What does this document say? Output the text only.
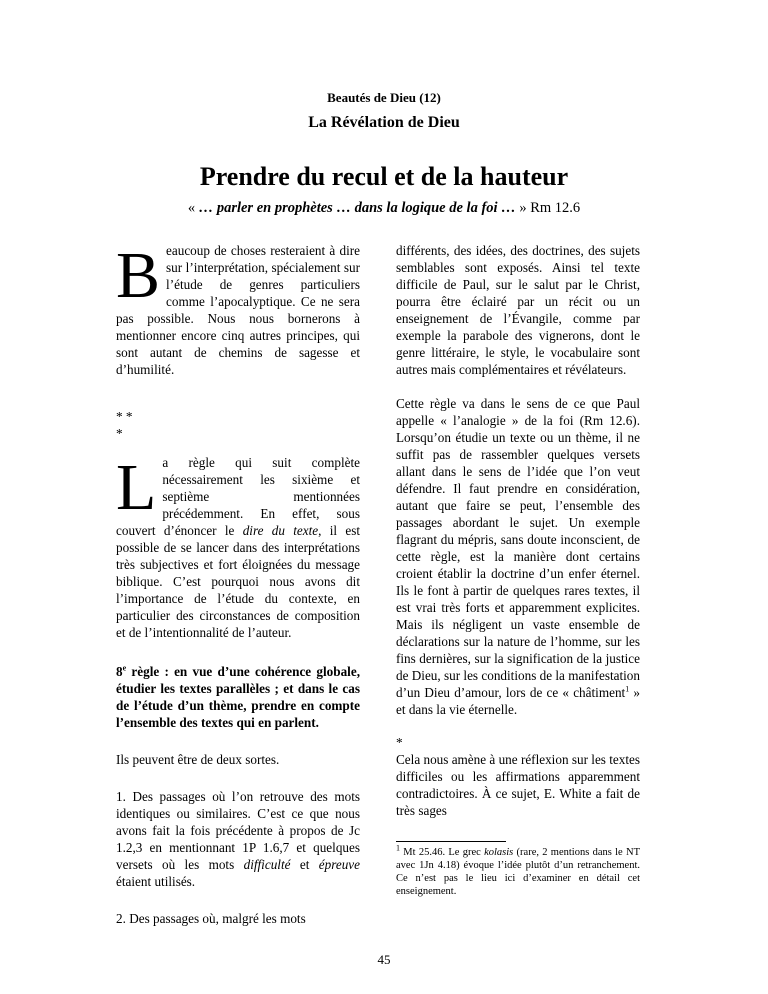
Beautés de Dieu (12)
La Révélation de Dieu
Prendre du recul et de la hauteur
« … parler en prophètes … dans la logique de la foi … » Rm 12.6

Beaucoup de choses resteraient à dire sur l’interprétation, spécialement sur l’étude de genres particuliers comme l’apocalyptique. Ce ne sera pas possible. Nous nous bornerons à mentionner encore cinq autres principes, qui sont autant de chemins de sagesse et d’humilité.

* *

*

La règle qui suit complète nécessairement les sixième et septième mentionnées précédemment. En effet, sous couvert d’énoncer le dire du texte, il est possible de se lancer dans des interprétations très subjectives et fort éloignées du message biblique. C’est pourquoi nous avons dit l’importance de l’étude du contexte, en particulier des circonstances de composition et de l’intentionnalité de l’auteur.

8e règle : en vue d’une cohérence globale, étudier les textes parallèles ; et dans le cas de l’étude d’un thème, prendre en compte l’ensemble des textes qui en parlent.

Ils peuvent être de deux sortes.

1. Des passages où l’on retrouve des mots identiques ou similaires. C’est ce que nous avons fait la fois précédente à propos de Jc 1.2,3 en mentionnant 1P 1.6,7 et quelques versets où les mots difficulté et épreuve étaient utilisés.

2. Des passages où, malgré les mots

différents, des idées, des doctrines, des sujets semblables sont exposés. Ainsi tel texte difficile de Paul, sur le salut par le Christ, pourra être éclairé par un récit ou un enseignement de l’Évangile, comme par exemple la parabole des vignerons, dont le genre littéraire, le style, le vocabulaire sont autres mais complémentaires et révélateurs.

Cette règle va dans le sens de ce que Paul appelle « l’analogie » de la foi (Rm 12.6). Lorsqu’on étudie un texte ou un thème, il ne suffit pas de rassembler quelques versets allant dans le sens de l’idée que l’on veut défendre. Il faut prendre en considération, autant que faire se peut, l’ensemble des passages abordant le sujet. Un exemple flagrant du mépris, sans doute inconscient, de cette règle, est la manière dont certains croient établir la doctrine d’un enfer éternel. Ils le font à partir de quelques rares textes, il est vrai très forts et apparemment explicites. Mais ils négligent un vaste ensemble de déclarations sur la nature de l’homme, sur les fins dernières, sur la signification de la justice de Dieu, sur les conditions de la manifestation d’un Dieu d’amour, lors de ce « châtiment$^1$ » et dans la vie éternelle.

*

Cela nous amène à une réflexion sur les textes difficiles ou les affirmations apparemment contradictoires. À ce sujet, E. White a fait de très sages

$^1$ Mt 25.46. Le grec kolasis (rare, 2 mentions dans le NT avec 1Jn 4.18) évoque l’idée plutôt d’un retranchement. Ce n’est pas le lieu ici d’examiner en détail cet enseignement.

45
